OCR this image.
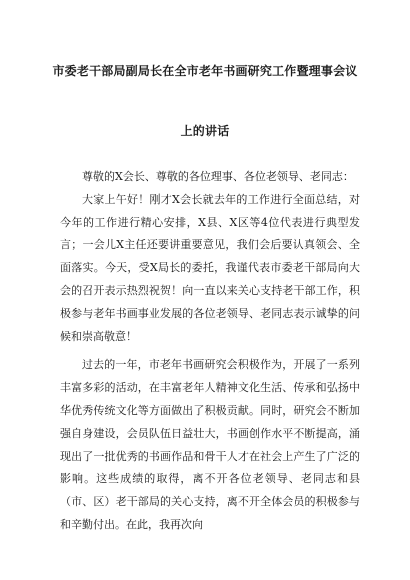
市委老干部局副局长在全市老年书画研究工作暨理事会议
上的讲话

尊敬的X会长、尊敬的各位理事、各位老领导、老同志：

大家上午好！刚才X会长就去年的工作进行全面总结，对今年的工作进行精心安排，X县、X区等4位代表进行典型发言；一会儿X主任还要讲重要意见，我们会后要认真领会、全面落实。今天，受X局长的委托，我谨代表市委老干部局向大会的召开表示热烈祝贺！向一直以来关心支持老干部工作，积极参与老年书画事业发展的各位老领导、老同志表示诚挚的问候和崇高敬意！

过去的一年，市老年书画研究会积极作为，开展了一系列丰富多彩的活动，在丰富老年人精神文化生活、传承和弘扬中华优秀传统文化等方面做出了积极贡献。同时，研究会不断加强自身建设，会员队伍日益壮大，书画创作水平不断提高，涌现出了一批优秀的书画作品和骨干人才在社会上产生了广泛的影响。这些成绩的取得，离不开各位老领导、老同志和县（市、区）老干部局的关心支持，离不开全体会员的积极参与和辛勤付出。在此，我再次向
